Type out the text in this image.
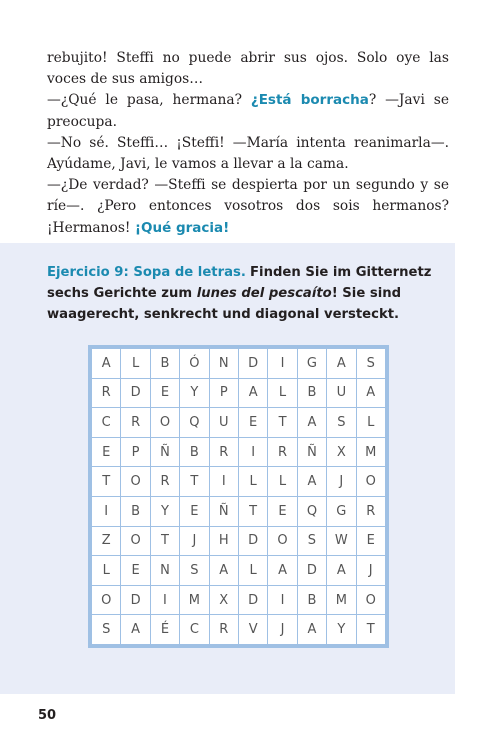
rebujito! Steffi no puede abrir sus ojos. Solo oye las voces de sus amigos…

—¿Qué le pasa, hermana? ¿Está borracha? —Javi se preocupa.

—No sé. Steffi… ¡Steffi! —María intenta reanimarla—. Ayúdame, Javi, le vamos a llevar a la cama.

—¿De verdad? —Steffi se despierta por un segundo y se ríe—. ¿Pero entonces vosotros dos sois hermanos? ¡Hermanos! ¡Qué gracia!

Ejercicio 9: Sopa de letras. Finden Sie im Gitternetz sechs Gerichte zum lunes del pescaíto! Sie sind waagerecht, senkrecht und diagonal versteckt.
A	L	B	Ó	N	D	I	G	A	S
R	D	E	Y	P	A	L	B	U	A
C	R	O	Q	U	E	T	A	S	L
E	P	Ñ	B	R	I	R	Ñ	X	M
T	O	R	T	I	L	L	A	J	O
I	B	Y	E	Ñ	T	E	Q	G	R
Z	O	T	J	H	D	O	S	W	E
L	E	N	S	A	L	A	D	A	J
O	D	I	M	X	D	I	B	M	O
S	A	É	C	R	V	J	A	Y	T
50
